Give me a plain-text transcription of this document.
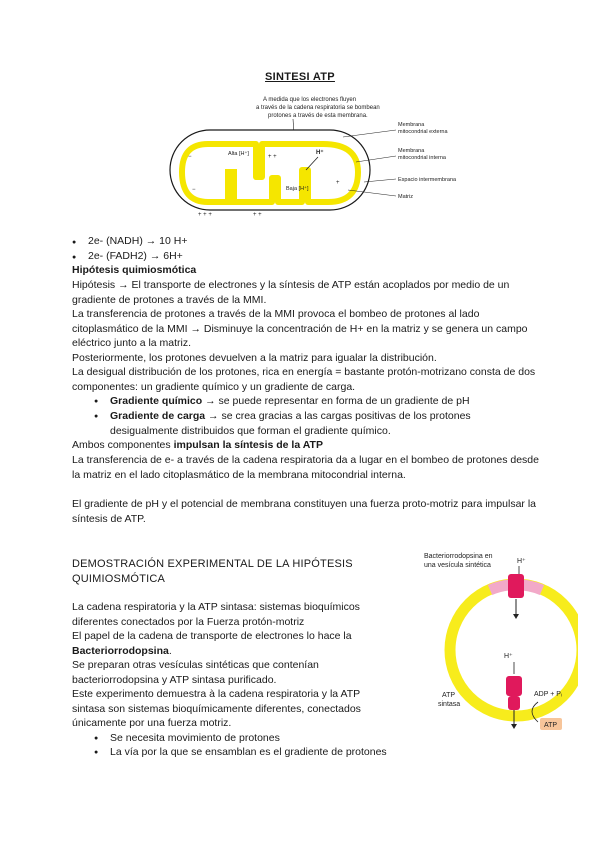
SINTESI ATP
A medida que los electrones fluyen
a través de la cadena respiratoria se bombean
protones a través de esta membrana.
Alta [H⁺]
Baja [H⁺]
H⁺
−
−
+ +
+ + +	+ +
+
Membrana
mitocondrial externa
Membrana
mitocondrial interna
Espacio intermembrana
Matriz
● 2e- (NADH) → 10 H+
● 2e- (FADH2) → 6H+
Hipótesis quimiosmótica
Hipótesis → El transporte de electrones y la síntesis de ATP están acoplados por medio de un gradiente de protones a través de la MMI.
La transferencia de protones a través de la MMI provoca el bombeo de protones al lado citoplasmático de la MMI → Disminuye la concentración de H+ en la matriz y se genera un campo eléctrico junto a la matriz.
Posteriormente, los protones devuelven a la matriz para igualar la distribución.
La desigual distribución de los protones, rica en energía = bastante protón-motrizano consta de dos componentes: un gradiente químico y un gradiente de carga.
● Gradiente químico → se puede representar en forma de un gradiente de pH
● Gradiente de carga → se crea gracias a las cargas positivas de los protones desigualmente distribuidos que forman el gradiente químico.
Ambos componentes impulsan la síntesis de la ATP
La transferencia de e- a través de la cadena respiratoria da a lugar en el bombeo de protones desde la matriz en el lado citoplasmático de la membrana mitocondrial interna.
El gradiente de pH y el potencial de membrana constituyen una fuerza proto-motriz para impulsar la síntesis de ATP.
DEMOSTRACIÓN EXPERIMENTAL DE LA HIPÓTESIS QUIMIOSMÓTICA
La cadena respiratoria y la ATP sintasa: sistemas bioquímicos diferentes conectados por la Fuerza protón-motriz
El papel de la cadena de transporte de electrones lo hace la Bacteriorrodopsina.
Se preparan otras vesículas sintéticas que contenían bacteriorrodopsina y ATP sintasa purificado.
Este experimento demuestra à la cadena respiratoria y la ATP sintasa son sistemas bioquímicamente diferentes, conectados únicamente por una fuerza motriz.
● Se necesita movimiento de protones
● La vía por la que se ensamblan es el gradiente de protones
Bacteriorrodopsina en
una vesícula sintética
H⁺
H⁺
ATP
sintasa
ADP + Pᵢ
ATP
